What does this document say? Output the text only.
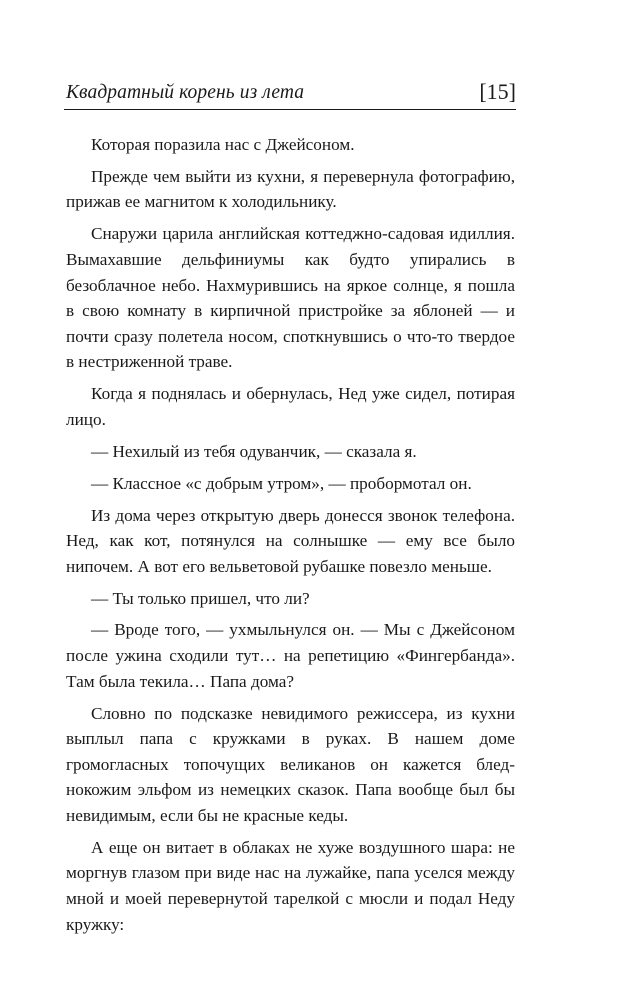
Квадратный корень из лета	[15]

Которая поразила нас с Джейсоном.

Прежде чем выйти из кухни, я перевернула фотографию, прижав ее магнитом к холодильнику.

Снаружи царила английская коттеджно-садовая идиллия. Вымахавшие дельфиниумы как будто упирались в безоблачное небо. Нахмурившись на яркое солнце, я пошла в свою комнату в кирпичной пристройке за яблоней — и почти сразу полетела носом, споткнувшись о что-то твердое в нестриженной траве.

Когда я поднялась и обернулась, Нед уже сидел, потирая лицо.

— Нехилый из тебя одуванчик, — сказала я.

— Классное «с добрым утром», — пробормотал он.

Из дома через открытую дверь донесся звонок телефона. Нед, как кот, потянулся на солнышке — ему все было нипочем. А вот его вельветовой рубашке повезло меньше.

— Ты только пришел, что ли?

— Вроде того, — ухмыльнулся он. — Мы с Джейсоном после ужина сходили тут… на репетицию «Фингербанда». Там была текила… Папа дома?

Словно по подсказке невидимого режиссера, из кухни выплыл папа с кружками в руках. В нашем доме громогласных топочущих великанов он кажется бледнокожим эльфом из немецких сказок. Папа вообще был бы невидимым, если бы не красные кеды.

А еще он витает в облаках не хуже воздушного шара: не моргнув глазом при виде нас на лужайке, папа уселся между мной и моей перевернутой тарелкой с мюсли и подал Неду кружку:
